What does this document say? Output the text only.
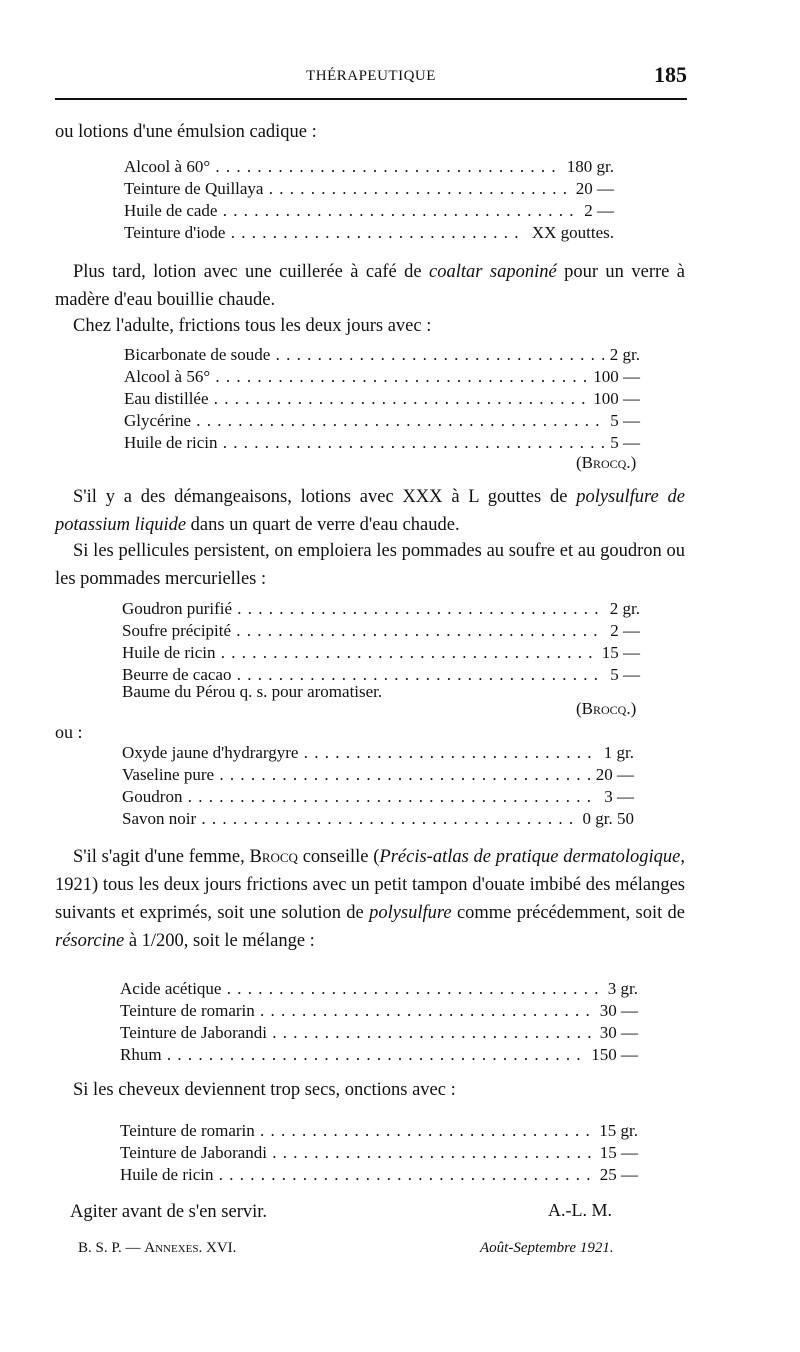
THÉRAPEUTIQUE	185
ou lotions d'une émulsion cadique :
Alcool à 60° . . .	180 gr.
Teinture de Quillaya . . .	20 —
Huile de cade . . .	2 —
Teinture d'iode . . .	XX gouttes.
Plus tard, lotion avec une cuillerée à café de coaltar saponiné pour un verre à madère d'eau bouillie chaude.
Chez l'adulte, frictions tous les deux jours avec :
Bicarbonate de soude . . .	2 gr.
Alcool à 56° . . .	100 —
Eau distillée . . .	100 —
Glycérine . . .	5 —
Huile de ricin . . .	5 —
(Brocq.)
S'il y a des démangeaisons, lotions avec XXX à L gouttes de polysulfure de potassium liquide dans un quart de verre d'eau chaude.
Si les pellicules persistent, on emploiera les pommades au soufre et au goudron ou les pommades mercurielles :
Goudron purifié . . .	2 gr.
Soufre précipité . . .	2 —
Huile de ricin . . .	15 —
Beurre de cacao . . .	5 —
Baume du Pérou q. s. pour aromatiser.
(Brocq.)
ou :
Oxyde jaune d'hydrargyre . . .	1 gr.
Vaseline pure . . .	20 —
Goudron . . .	3 —
Savon noir . . .	0 gr. 50
S'il s'agit d'une femme, Brocq conseille (Précis-atlas de pratique dermatologique, 1921) tous les deux jours frictions avec un petit tampon d'ouate imbibé des mélanges suivants et exprimés, soit une solution de polysulfure comme précédemment, soit de résorcine à 1/200, soit le mélange :
Acide acétique . . .	3 gr.
Teinture de romarin . . .	30 —
Teinture de Jaborandi . . .	30 —
Rhum . . .	150 —
Si les cheveux deviennent trop secs, onctions avec :
Teinture de romarin . . .	15 gr.
Teinture de Jaborandi . . .	15 —
Huile de ricin . . .	25 —
Agiter avant de s'en servir.	A.-L. M.
B. S. P. — Annexes. XVI.	Août-Septembre 1921.
